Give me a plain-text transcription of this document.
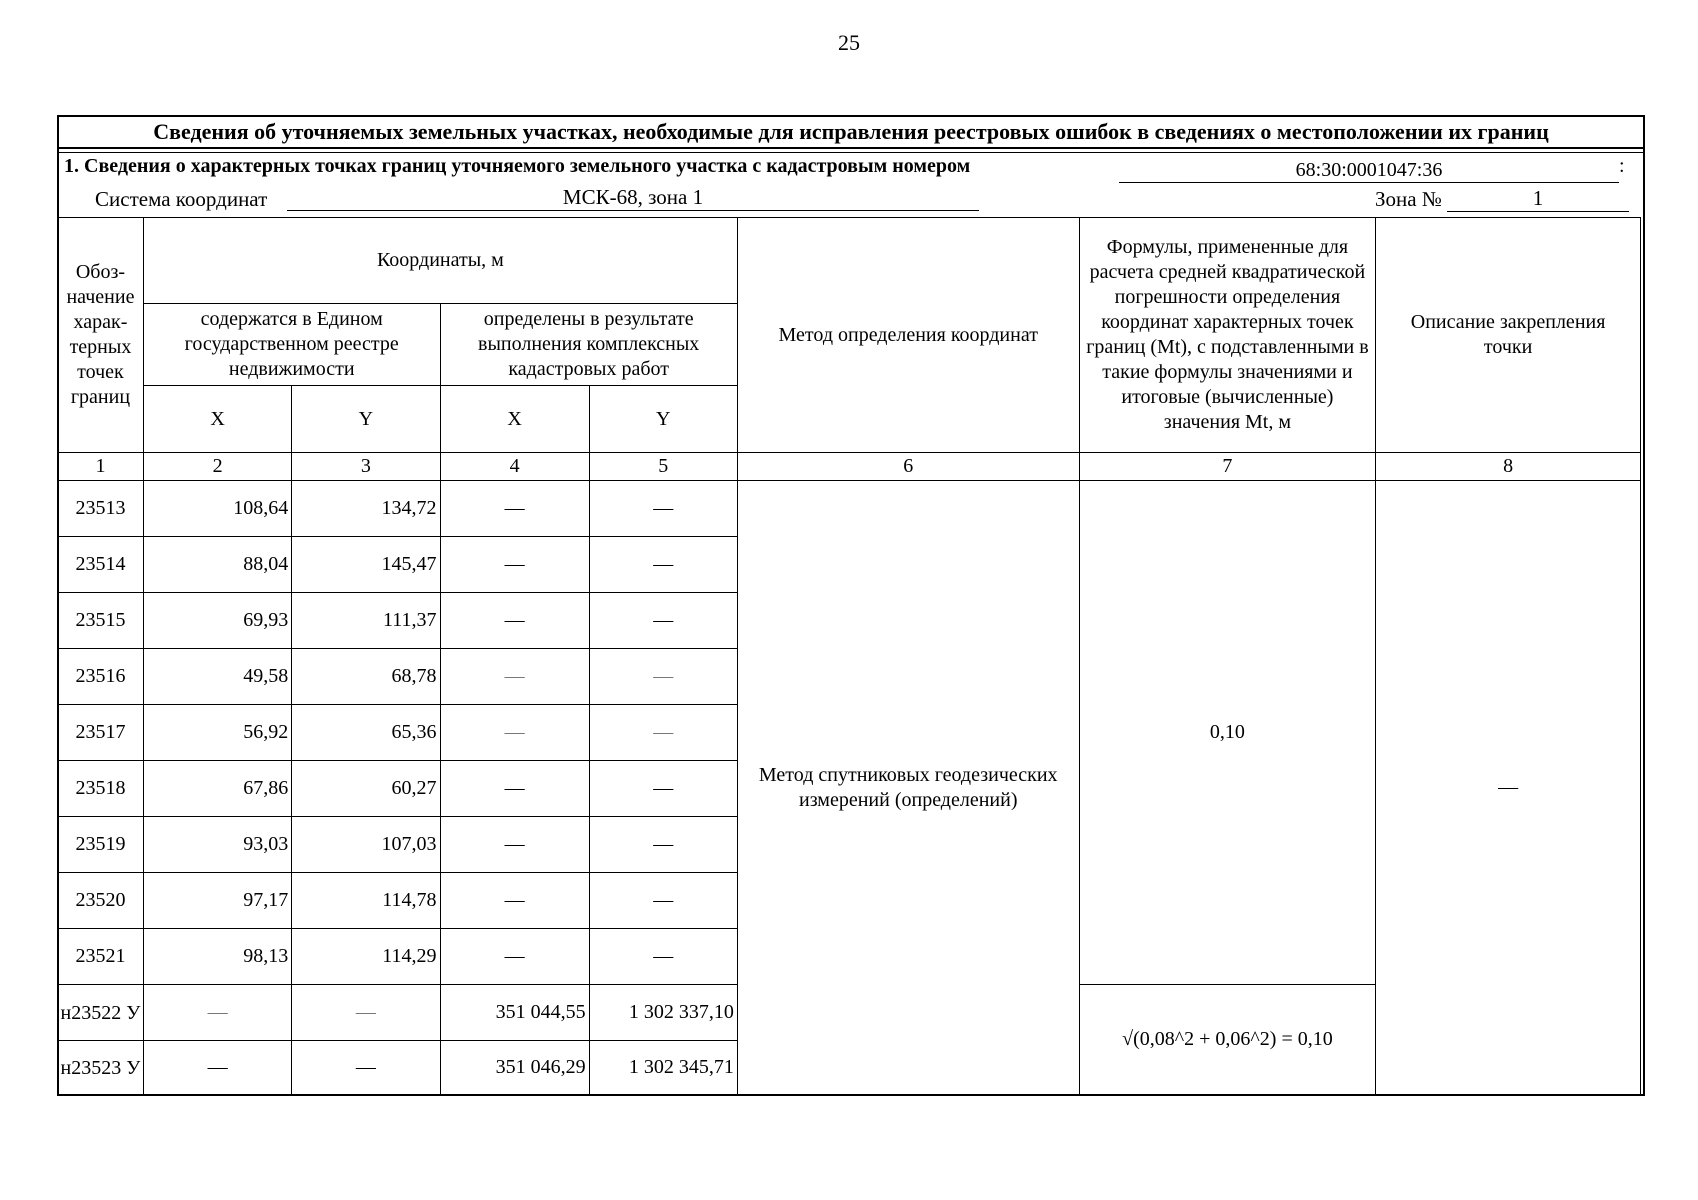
25
Сведения об уточняемых земельных участках, необходимые для исправления реестровых ошибок в сведениях о местоположении их границ
1. Сведения о характерных точках границ уточняемого земельного участка с кадастровым номером	68:30:0001047:36	:
Система координат	МСК-68, зона 1	Зона №	1
Обоз-начение харак-терных точек границ	Координаты, м				Метод определения координат	Формулы, примененные для расчета средней квадратической погрешности определения координат характерных точек границ (Mt), с подставленными в такие формулы значениями и итоговые (вычисленные) значения Mt, м	Описание закрепления точки
	содержатся в Едином государственном реестре недвижимости		определены в результате выполнения комплексных кадастровых работ				
	X	Y	X	Y			
1	2	3	4	5	6	7	8
23513	108,64	134,72	—	—	Метод спутниковых геодезических измерений (определений)	0,10	—
23514	88,04	145,47	—	—			
23515	69,93	111,37	—	—			
23516	49,58	68,78	—	—			
23517	56,92	65,36	—	—			
23518	67,86	60,27	—	—			
23519	93,03	107,03	—	—			
23520	97,17	114,78	—	—			
23521	98,13	114,29	—	—			
н23522 У	—	—	351 044,55	1 302 337,10		√(0,08^2 + 0,06^2) = 0,10	
н23523 У	—	—	351 046,29	1 302 345,71			
